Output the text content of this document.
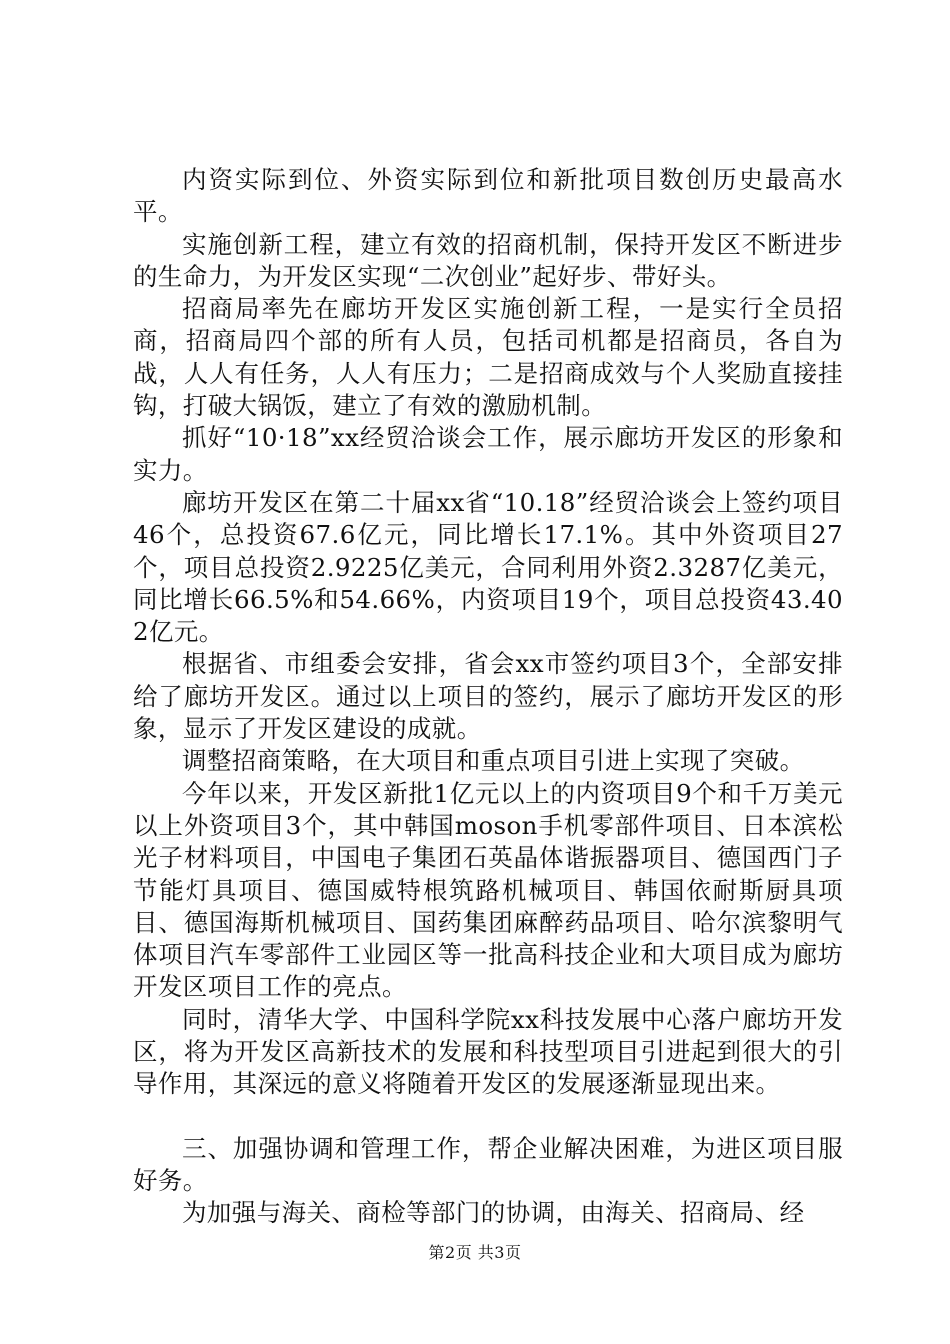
内资实际到位、外资实际到位和新批项目数创历史最高水平。

实施创新工程，建立有效的招商机制，保持开发区不断进步的生命力，为开发区实现“二次创业”起好步、带好头。

招商局率先在廊坊开发区实施创新工程，一是实行全员招商，招商局四个部的所有人员，包括司机都是招商员，各自为战，人人有任务，人人有压力；二是招商成效与个人奖励直接挂钩，打破大锅饭，建立了有效的激励机制。

抓好“10·18”xx经贸洽谈会工作，展示廊坊开发区的形象和实力。

廊坊开发区在第二十届xx省“10.18”经贸洽谈会上签约项目46个，总投资67.6亿元，同比增长17.1%。其中外资项目27个，项目总投资2.9225亿美元，合同利用外资2.3287亿美元，同比增长66.5%和54.66%，内资项目19个，项目总投资43.402亿元。

根据省、市组委会安排，省会xx市签约项目3个，全部安排给了廊坊开发区。通过以上项目的签约，展示了廊坊开发区的形象，显示了开发区建设的成就。

调整招商策略，在大项目和重点项目引进上实现了突破。

今年以来，开发区新批1亿元以上的内资项目9个和千万美元以上外资项目3个，其中韩国moson手机零部件项目、日本滨松光子材料项目，中国电子集团石英晶体谐振器项目、德国西门子节能灯具项目、德国威特根筑路机械项目、韩国依耐斯厨具项目、德国海斯机械项目、国药集团麻醉药品项目、哈尔滨黎明气体项目汽车零部件工业园区等一批高科技企业和大项目成为廊坊开发区项目工作的亮点。

同时，清华大学、中国科学院xx科技发展中心落户廊坊开发区，将为开发区高新技术的发展和科技型项目引进起到很大的引导作用，其深远的意义将随着开发区的发展逐渐显现出来。

三、加强协调和管理工作，帮企业解决困难，为进区项目服好务。

为加强与海关、商检等部门的协调，由海关、招商局、经

第2页 共3页
